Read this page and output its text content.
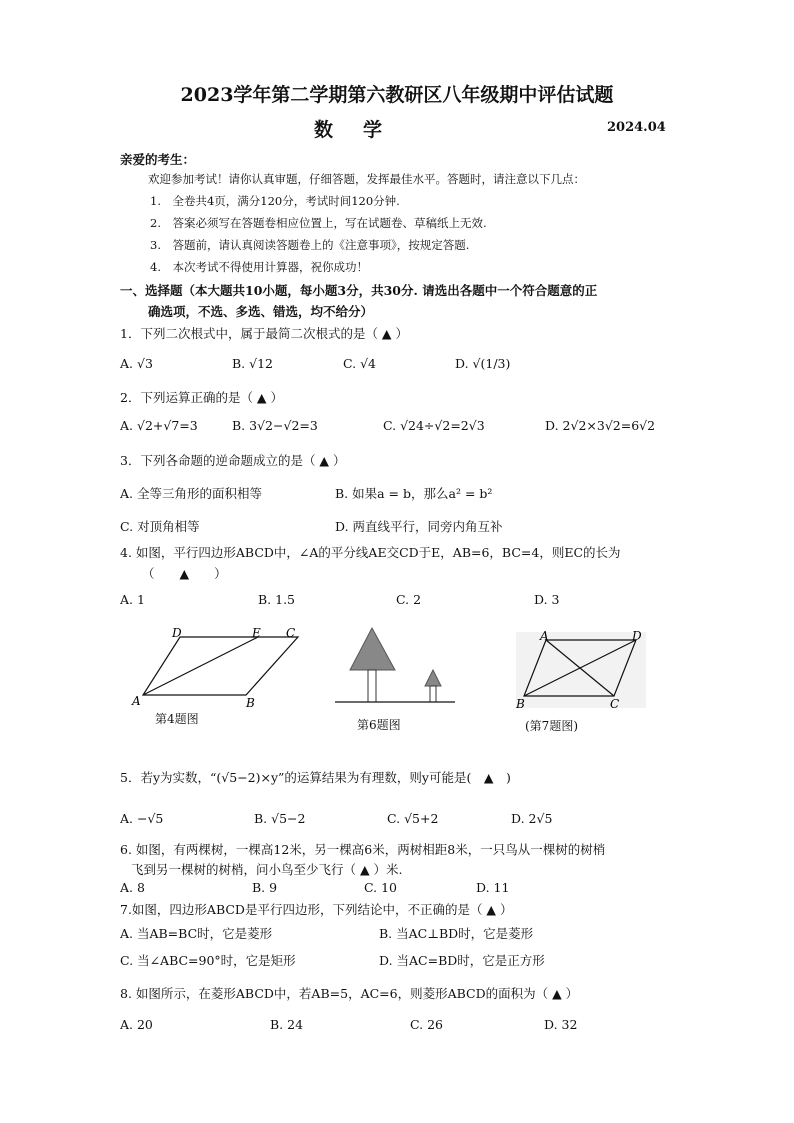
2023学年第二学期第六教研区八年级期中评估试题
数学	2024.04
亲爱的考生：
欢迎参加考试！请你认真审题，仔细答题，发挥最佳水平。答题时，请注意以下几点：
1.　全卷共4页，满分120分，考试时间120分钟.
2.　答案必须写在答题卷相应位置上，写在试题卷、草稿纸上无效.
3.　答题前，请认真阅读答题卷上的《注意事项》，按规定答题.
4.　本次考试不得使用计算器，祝你成功！
一、选择题（本大题共10小题，每小题3分，共30分. 请选出各题中一个符合题意的正
确选项，不选、多选、错选，均不给分）
1．下列二次根式中，属于最简二次根式的是（ ▲ ）
A. √3	B. √12	C. √4	D. √(1/3)
2．下列运算正确的是（ ▲ ）
A. √2+√7=3	B. 3√2−√2=3	C. √24÷√2=2√3	D. 2√2×3√2=6√2
3．下列各命题的逆命题成立的是（ ▲ ）
A. 全等三角形的面积相等	B. 如果a = b，那么a² = b²
C. 对顶角相等	D. 两直线平行，同旁内角互补
4. 如图，平行四边形ABCD中，∠A的平分线AE交CD于E，AB=6，BC=4，则EC的长为
（　　▲　　）
A. 1	B. 1.5	C. 2	D. 3
D	E C
A	B
第4题图	第6题图
A	D
B	C
(第7题图)
5．若y为实数，“(√5−2)×y”的运算结果为有理数，则y可能是(　▲　)
A. −√5	B. √5−2	C. √5+2	D. 2√5
6. 如图，有两棵树，一棵高12米，另一棵高6米，两树相距8米，一只鸟从一棵树的树梢
飞到另一棵树的树梢，问小鸟至少飞行（ ▲ ）米.
A. 8	B. 9	C. 10	D. 11
7.如图，四边形ABCD是平行四边形，下列结论中，不正确的是（ ▲ ）
A. 当AB=BC时，它是菱形	B. 当AC⊥BD时，它是菱形
C. 当∠ABC=90°时，它是矩形	D. 当AC=BD时，它是正方形
8. 如图所示，在菱形ABCD中，若AB=5，AC=6，则菱形ABCD的面积为（ ▲ ）
A. 20	B. 24	C. 26	D. 32
